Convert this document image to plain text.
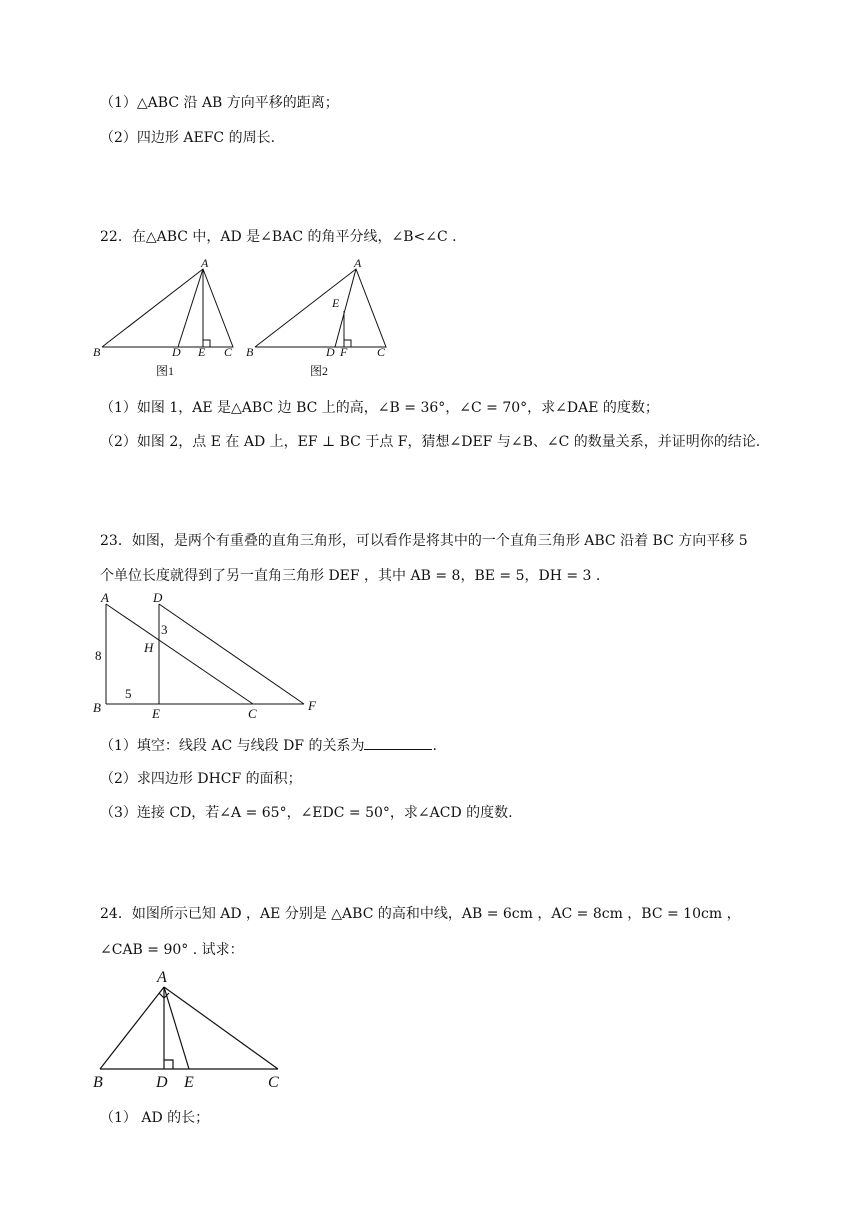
（1）△ABC 沿 AB 方向平移的距离；
（2）四边形 AEFC 的周长.
22．在△ABC 中，AD 是∠BAC 的角平分线，∠B<∠C .
A
B	D E C
图1
A
E
B	D F C
图2
（1）如图 1，AE 是△ABC 边 BC 上的高，∠B = 36°，∠C = 70°，求∠DAE 的度数；
（2）如图 2，点 E 在 AD 上，EF ⊥ BC 于点 F，猜想∠DEF 与∠B、∠C 的数量关系，并证明你的结论.
23．如图，是两个有重叠的直角三角形，可以看作是将其中的一个直角三角形 ABC 沿着 BC 方向平移 5
个单位长度就得到了另一直角三角形 DEF ，其中 AB = 8，BE = 5，DH = 3 .
A	D
3
H
8
5
B	E	C
F
（1）填空：线段 AC 与线段 DF 的关系为	.
（2）求四边形 DHCF 的面积；
（3）连接 CD，若∠A = 65°，∠EDC = 50°，求∠ACD 的度数.
24．如图所示已知 AD ，AE 分别是 △ABC 的高和中线，AB = 6cm ，AC = 8cm ，BC = 10cm ，
∠CAB = 90° . 试求：
A
B	D E	C
（1） AD 的长；
